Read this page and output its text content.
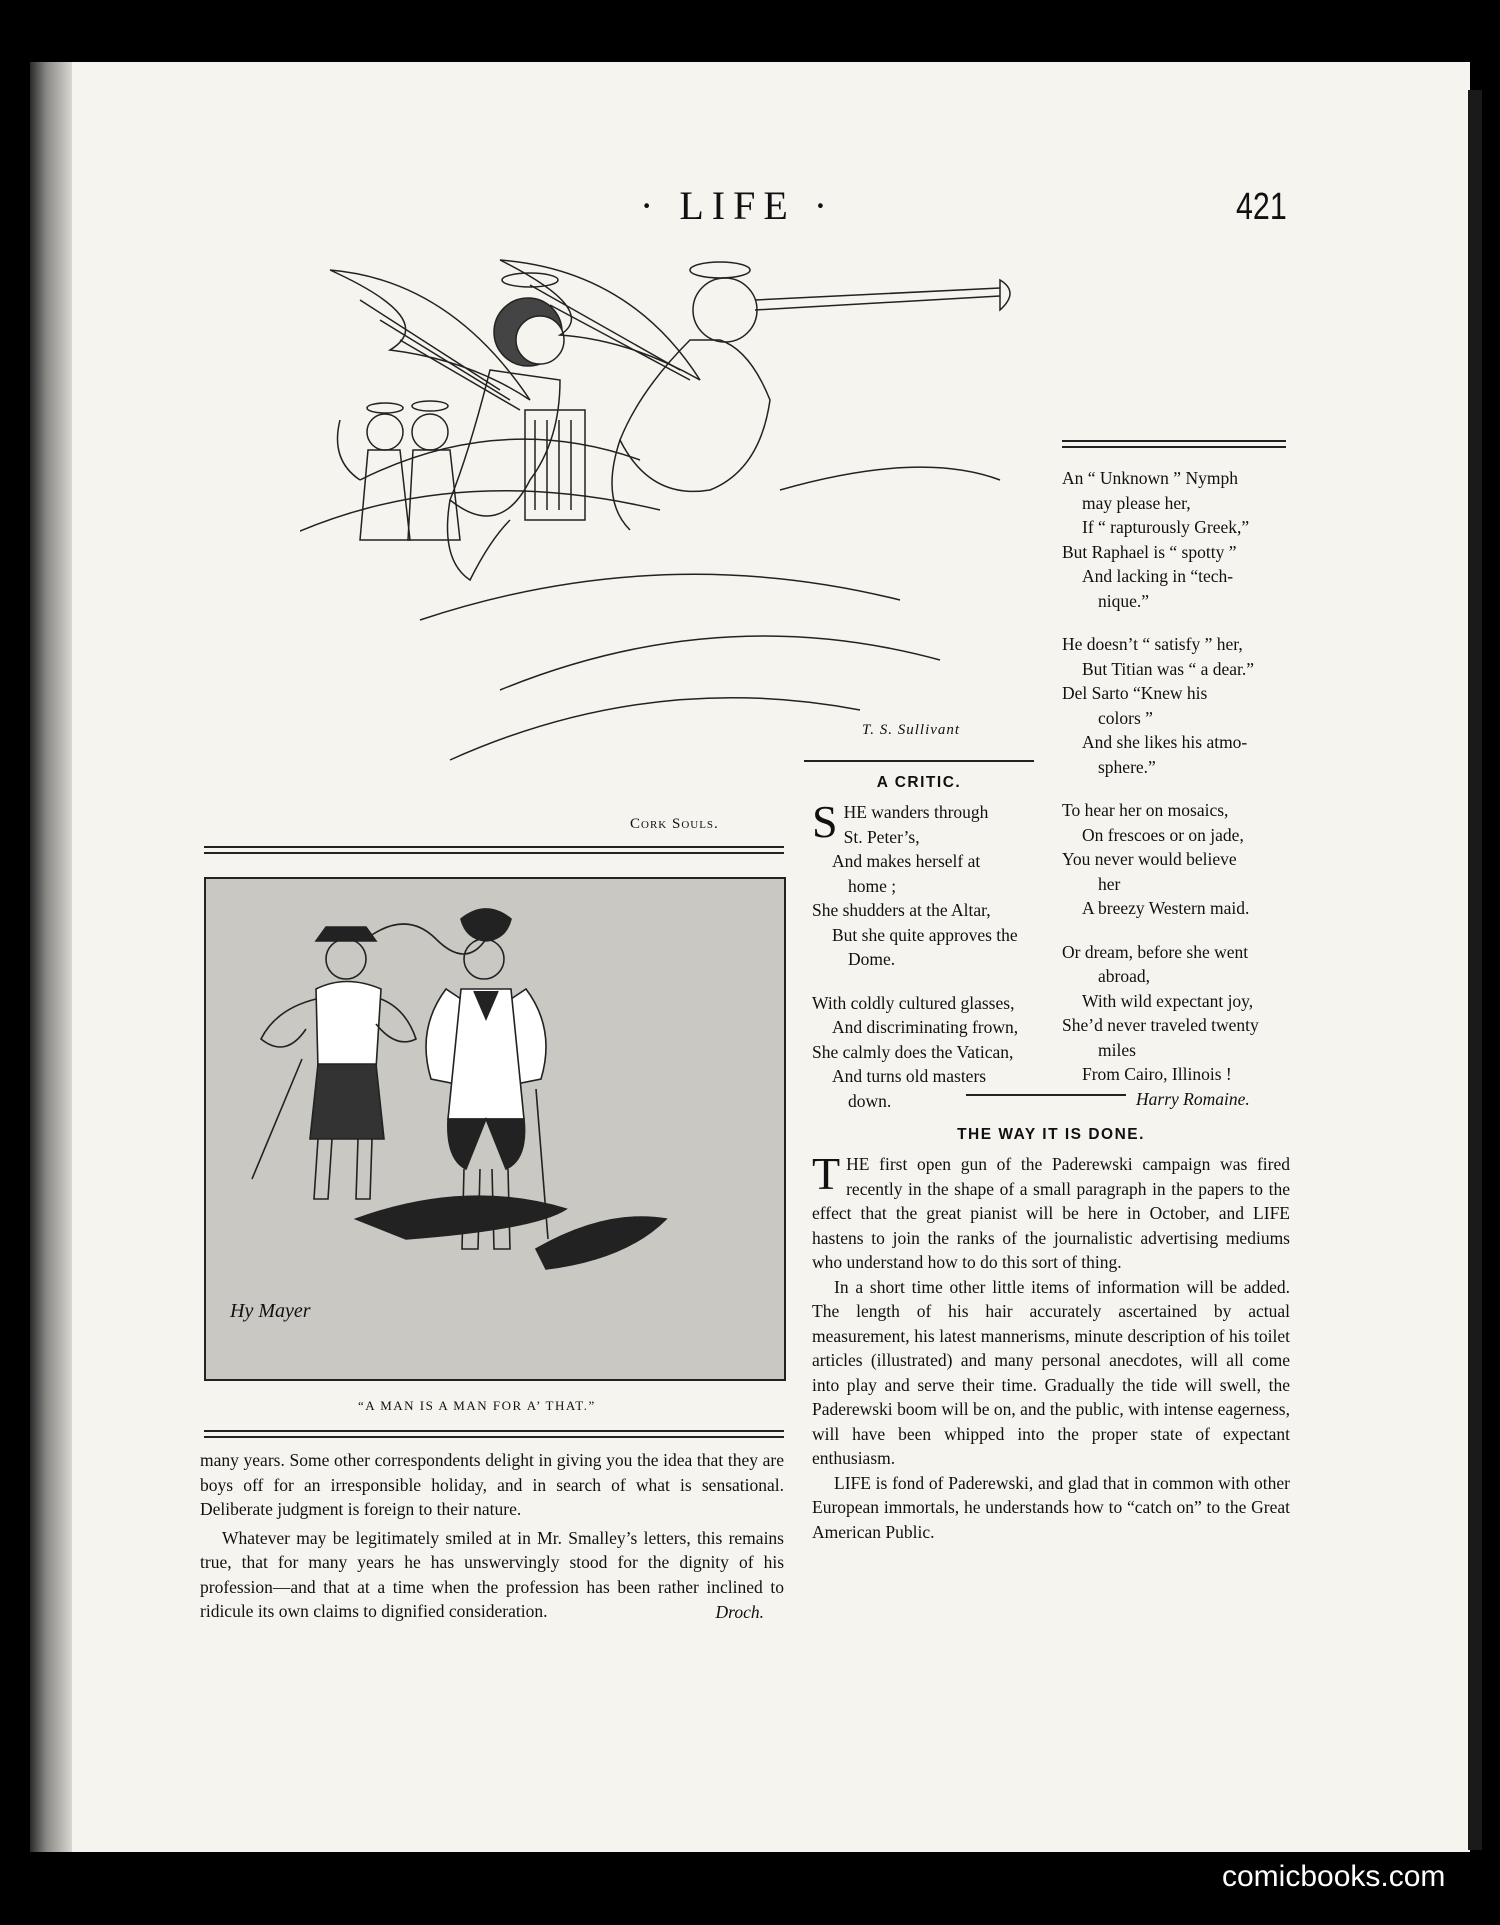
· LIFE ·	421
T. S. Sullivant
Cork Souls.
Hy Mayer
“A MAN IS A MAN FOR A’ THAT.”

many years. Some other correspondents delight in giving you the idea that they are boys off for an irresponsible holiday, and in search of what is sensational. Deliberate judgment is foreign to their nature.

Whatever may be legitimately smiled at in Mr. Smalley’s letters, this remains true, that for many years he has unswervingly stood for the dignity of his profession—and that at a time when the profession has been rather inclined to ridicule its own claims to dignified consideration.	Droch.

A CRITIC.
S HE wanders through

St. Peter’s,

And makes herself at

home ;

She shudders at the Altar,

But she quite approves the

Dome.

With coldly cultured glasses,

And discriminating frown,

She calmly does the Vatican,

And turns old masters

down.

An “ Unknown ” Nymph

may please her,

If “ rapturously Greek,”

But Raphael is “ spotty ”

And lacking in “tech-

nique.”

He doesn’t “ satisfy ” her,

But Titian was “ a dear.”

Del Sarto “Knew his

colors ”

And she likes his atmo-

sphere.”

To hear her on mosaics,

On frescoes or on jade,

You never would believe

her

A breezy Western maid.

Or dream, before she went

abroad,

With wild expectant joy,

She’d never traveled twenty

miles

From Cairo, Illinois !

Harry Romaine.

THE WAY IT IS DONE.

THE first open gun of the Paderewski campaign was fired recently in the shape of a small paragraph in the papers to the effect that the great pianist will be here in October, and LIFE hastens to join the ranks of the journalistic advertising mediums who understand how to do this sort of thing.

In a short time other little items of information will be added. The length of his hair accurately ascertained by actual measurement, his latest mannerisms, minute description of his toilet articles (illustrated) and many personal anecdotes, will all come into play and serve their time. Gradually the tide will swell, the Paderewski boom will be on, and the public, with intense eagerness, will have been whipped into the proper state of expectant enthusiasm.

LIFE is fond of Paderewski, and glad that in common with other European immortals, he understands how to “catch on” to the Great American Public.

comicbooks.com
